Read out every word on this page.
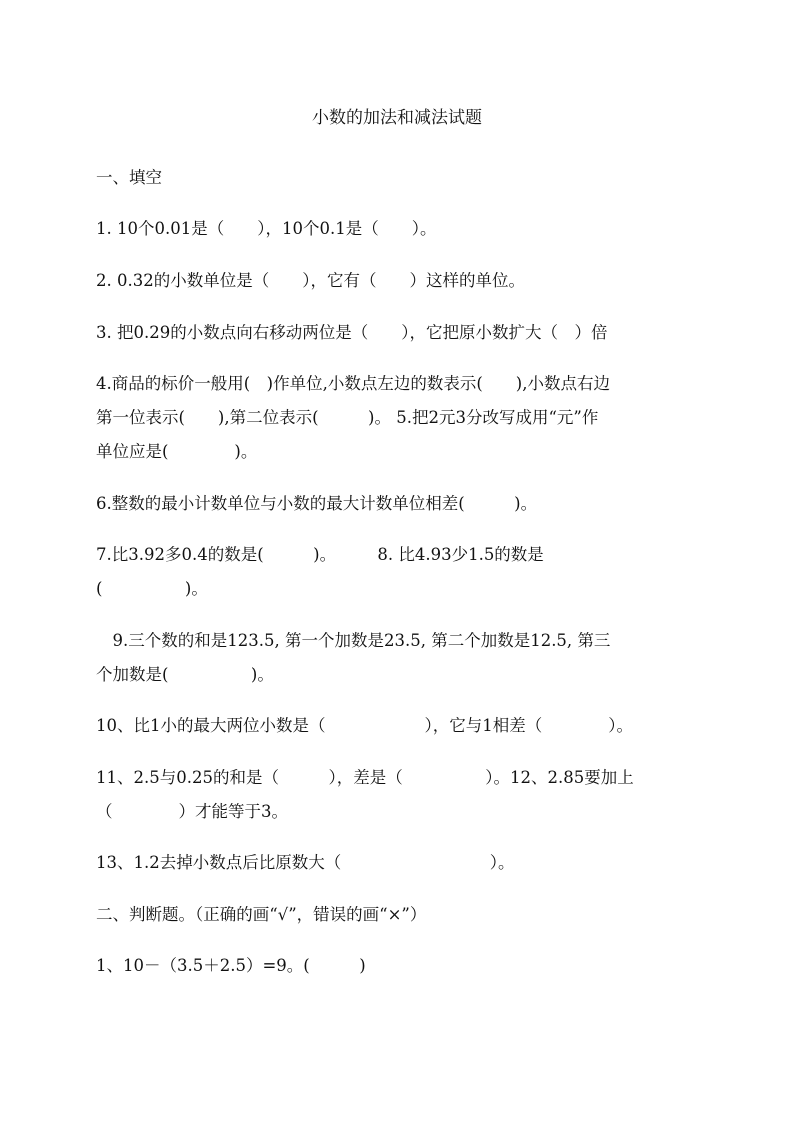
小数的加法和减法试题
一、填空
1. 10个0.01是（　　），10个0.1是（　　）。
2. 0.32的小数单位是（　　），它有（　　）这样的单位。
3. 把0.29的小数点向右移动两位是（　　），它把原小数扩大（　）倍
4.商品的标价一般用(　)作单位,小数点左边的数表示(　　),小数点右边
第一位表示(　　),第二位表示(　　　)。 5.把2元3分改写成用“元”作
单位应是(　　　　)。
6.整数的最小计数单位与小数的最大计数单位相差(　　　)。
7.比3.92多0.4的数是(　　　)。　　　8. 比4.93少1.5的数是
(　　　　　)。
　9.三个数的和是123.5, 第一个加数是23.5, 第二个加数是12.5, 第三
个加数是(　　　　　)。
10、比1小的最大两位小数是（　　　　　　），它与1相差（　　　　）。
11、2.5与0.25的和是（　　　），差是（　　　　　）。12、2.85要加上
（　　　　）才能等于3。
13、1.2去掉小数点后比原数大（　　　　　　　　　）。
二、判断题。（正确的画“√”，错误的画“×”）
1、10－（3.5＋2.5）=9。(　　　)
